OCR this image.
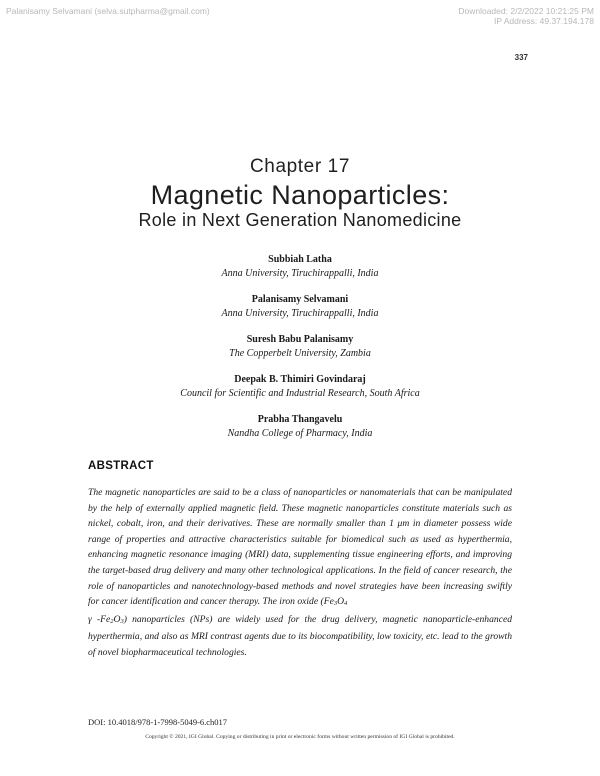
Palanisamy Selvamani (selva.sutpharma@gmail.com)	Downloaded: 2/2/2022 10:21:25 PM
IP Address: 49.37.194.178
337
Chapter 17
Magnetic Nanoparticles:
Role in Next Generation Nanomedicine
Subbiah Latha
Anna University, Tiruchirappalli, India
Palanisamy Selvamani
Anna University, Tiruchirappalli, India
Suresh Babu Palanisamy
The Copperbelt University, Zambia
Deepak B. Thimiri Govindaraj
Council for Scientific and Industrial Research, South Africa
Prabha Thangavelu
Nandha College of Pharmacy, India
ABSTRACT
The magnetic nanoparticles are said to be a class of nanoparticles or nanomaterials that can be manipulated by the help of externally applied magnetic field. These magnetic nanoparticles constitute materials such as nickel, cobalt, iron, and their derivatives. These are normally smaller than 1 μm in diameter possess wide range of properties and attractive characteristics suitable for biomedical such as used as hyperthermia, enhancing magnetic resonance imaging (MRI) data, supplementing tissue engineering efforts, and improving the target-based drug delivery and many other technological applications. In the field of cancer research, the role of nanoparticles and nanotechnology-based methods and novel strategies have been increasing swiftly for cancer identification and cancer therapy. The iron oxide ($Fe_3O_4$
γ $-Fe_2O_3$) nanoparticles (NPs) are widely used for the drug delivery, magnetic nanoparticle-enhanced hyperthermia, and also as MRI contrast agents due to its biocompatibility, low toxicity, etc. lead to the growth of novel biopharmaceutical technologies.
DOI: 10.4018/978-1-7998-5049-6.ch017
Copyright © 2021, IGI Global. Copying or distributing in print or electronic forms without written permission of IGI Global is prohibited.
